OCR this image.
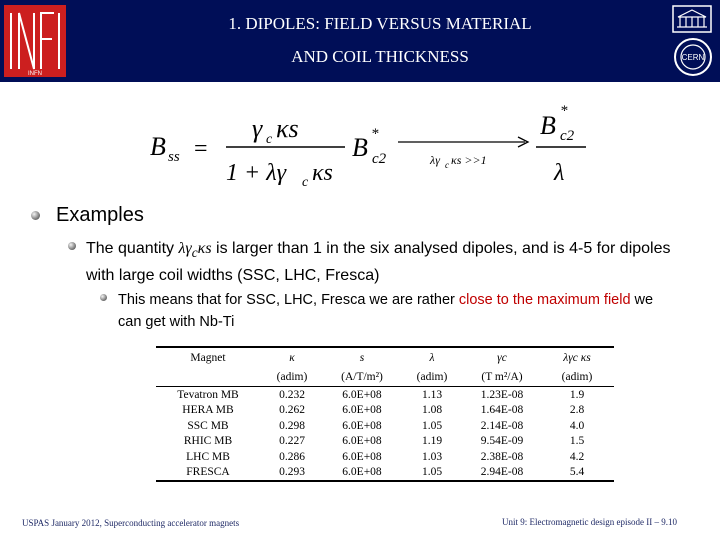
INFN
1. DIPOLES: FIELD VERSUS MATERIAL
AND COIL THICKNESS	CERN
B ss =
γ c κs
1 + λγ c κs
B *
c2	λγ c κs >>1
B *
c2
λ
Examples
The quantity $\lambda\gamma_c\kappa s$ is larger than 1 in the six analysed dipoles, and is 4-5 for dipoles with large coil widths (SSC, LHC, Fresca)
This means that for SSC, LHC, Fresca we are rather close to the maximum field we can get with Nb-Ti
Magnet	κ	s	λ	γc	λγc κs
	(adim)	(A/T/m²)	(adim)	(T m²/A)	(adim)
Tevatron MB	0.232	6.0E+08	1.13	1.23E-08	1.9
HERA MB	0.262	6.0E+08	1.08	1.64E-08	2.8
SSC MB	0.298	6.0E+08	1.05	2.14E-08	4.0
RHIC MB	0.227	6.0E+08	1.19	9.54E-09	1.5
LHC MB	0.286	6.0E+08	1.03	2.38E-08	4.2
FRESCA	0.293	6.0E+08	1.05	2.94E-08	5.4
USPAS January 2012, Superconducting accelerator magnets	Unit 9: Electromagnetic design episode II – 9.10
